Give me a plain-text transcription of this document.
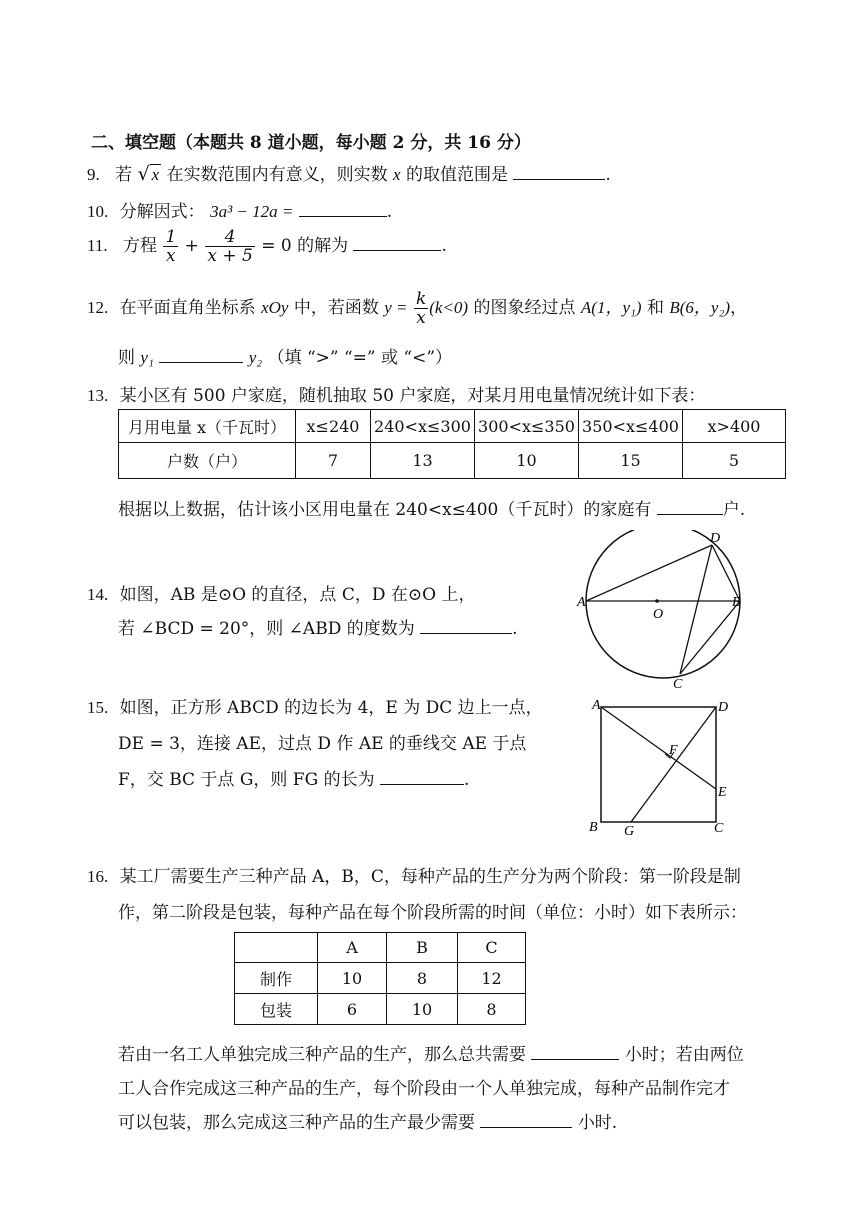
二、填空题（本题共 8 道小题，每小题 2 分，共 16 分）
9. 若 √ x 在实数范围内有意义，则实数 x 的取值范围是	.
10. 分解因式： 3a³ − 12a =	.
11. 方程 $\frac{1}{x} + \frac{4}{x + 5} = 0$ 的解为	.
12. 在平面直角坐标系 xOy 中，若函数 $y = \frac{k}{x} (k<0)$ 的图象经过点 A(1，y₁) 和 B(6，y₂)，
则 y₁	y₂ （填 “>” “=” 或 “<”）
13. 某小区有 500 户家庭，随机抽取 50 户家庭，对某月用电量情况统计如下表：
月用电量 x（千瓦时）	x≤240	240<x≤300	300<x≤350	350<x≤400	x>400
户数（户）	7	13	10	15	5
根据以上数据，估计该小区用电量在 240<x≤400（千瓦时）的家庭有	户.
14. 如图，AB 是⊙O 的直径，点 C，D 在⊙O 上，
若 ∠BCD = 20°，则 ∠ABD 的度数为	.
A	B
O
D
C
15. 如图，正方形 ABCD 的边长为 4，E 为 DC 边上一点，
DE = 3，连接 AE，过点 D 作 AE 的垂线交 AE 于点
F，交 BC 于点 G，则 FG 的长为	.
A	D
B	C
E
F
G
16. 某工厂需要生产三种产品 A，B，C，每种产品的生产分为两个阶段：第一阶段是制
作，第二阶段是包装，每种产品在每个阶段所需的时间（单位：小时）如下表所示：
	A	B	C
制作	10	8	12
包装	6	10	8
若由一名工人单独完成三种产品的生产，那么总共需要	小时；若由两位
工人合作完成这三种产品的生产，每个阶段由一个人单独完成，每种产品制作完才
可以包装，那么完成这三种产品的生产最少需要	小时.
